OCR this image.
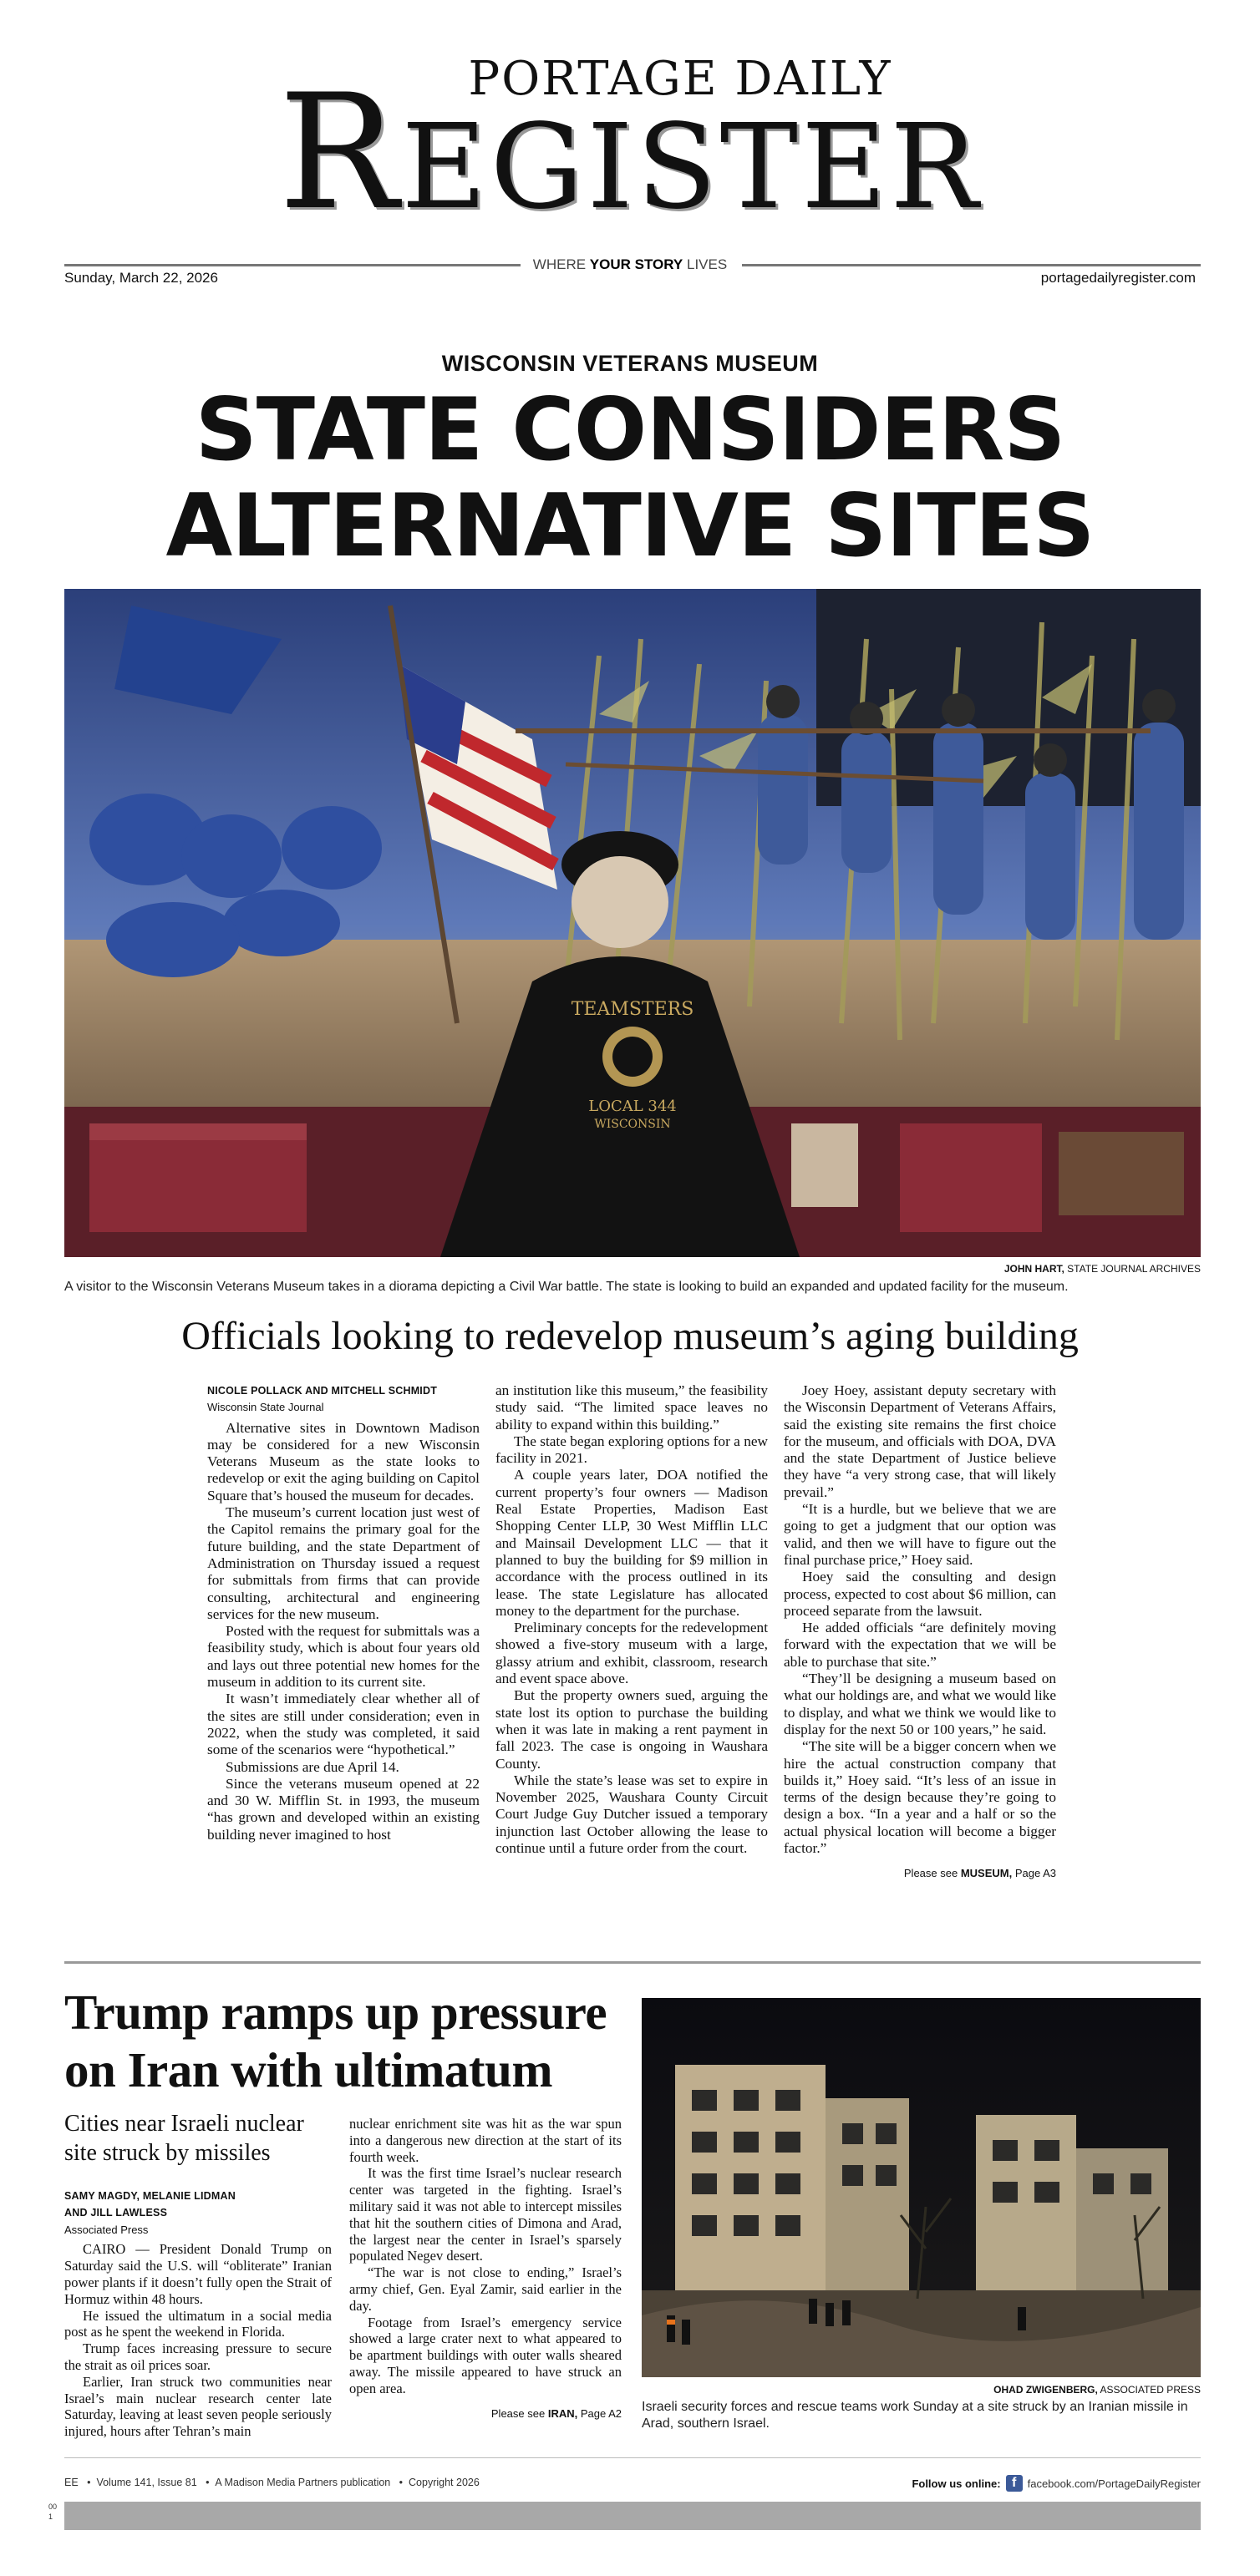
PORTAGE DAILY
REGISTER
WHERE YOUR STORY LIVES
Sunday, March 22, 2026	portagedailyregister.com
WISCONSIN VETERANS MUSEUM
STATE CONSIDERS
ALTERNATIVE SITES
TEAMSTERS
LOCAL 344
WISCONSIN
JOHN HART, STATE JOURNAL ARCHIVES
A visitor to the Wisconsin Veterans Museum takes in a diorama depicting a Civil War battle. The state is looking to build an expanded and updated facility for the museum.
Officials looking to redevelop museum’s aging building
NICOLE POLLACK AND MITCHELL SCHMIDT
Wisconsin State Journal

Alternative sites in Downtown Madison may be considered for a new Wisconsin Veterans Museum as the state looks to redevelop or exit the aging building on Capitol Square that’s housed the museum for decades.

The museum’s current location just west of the Capitol remains the primary goal for the future building, and the state Department of Administration on Thursday issued a request for submittals from firms that can provide consulting, architectural and engineering services for the new museum.

Posted with the request for submittals was a feasibility study, which is about four years old and lays out three potential new homes for the museum in addition to its current site.

It wasn’t immediately clear whether all of the sites are still under consideration; even in 2022, when the study was completed, it said some of the scenarios were “hypothetical.”

Submissions are due April 14.

Since the veterans museum opened at 22 and 30 W. Mifflin St. in 1993, the museum “has grown and developed within an existing building never imagined to host

an institution like this museum,” the feasibility study said. “The limited space leaves no ability to expand within this building.”

The state began exploring options for a new facility in 2021.

A couple years later, DOA notified the current property’s four owners — Madison Real Estate Properties, Madison East Shopping Center LLP, 30 West Mifflin LLC and Mainsail Development LLC — that it planned to buy the building for $9 million in accordance with the process outlined in its lease. The state Legislature has allocated money to the department for the purchase.

Preliminary concepts for the redevelopment showed a five-story museum with a large, glassy atrium and exhibit, classroom, research and event space above.

But the property owners sued, arguing the state lost its option to purchase the building when it was late in making a rent payment in fall 2023. The case is ongoing in Waushara County.

While the state’s lease was set to expire in November 2025, Waushara County Circuit Court Judge Guy Dutcher issued a temporary injunction last October allowing the lease to continue until a future order from the court.

Joey Hoey, assistant deputy secretary with the Wisconsin Department of Veterans Affairs, said the existing site remains the first choice for the museum, and officials with DOA, DVA and the state Department of Justice believe they have “a very strong case, that will likely prevail.”

“It is a hurdle, but we believe that we are going to get a judgment that our option was valid, and then we will have to figure out the final purchase price,” Hoey said.

Hoey said the consulting and design process, expected to cost about $6 million, can proceed separate from the lawsuit.

He added officials “are definitely moving forward with the expectation that we will be able to purchase that site.”

“They’ll be designing a museum based on what our holdings are, and what we would like to display, and what we think we would like to display for the next 50 or 100 years,” he said.

“The site will be a bigger concern when we hire the actual construction company that builds it,” Hoey said. “It’s less of an issue in terms of the design because they’re going to design a box. “In a year and a half or so the actual physical location will become a bigger factor.”

Please see MUSEUM, Page A3
Trump ramps up pressure
on Iran with ultimatum
Cities near Israeli nuclear site struck by missiles
SAMY MAGDY, MELANIE LIDMAN
AND JILL LAWLESS
Associated Press

CAIRO — President Donald Trump on Saturday said the U.S. will “obliterate” Iranian power plants if it doesn’t fully open the Strait of Hormuz within 48 hours.

He issued the ultimatum in a social media post as he spent the weekend in Florida.

Trump faces increasing pressure to secure the strait as oil prices soar.

Earlier, Iran struck two communities near Israel’s main nuclear research center late Saturday, leaving at least seven people seriously injured, hours after Tehran’s main

nuclear enrichment site was hit as the war spun into a dangerous new direction at the start of its fourth week.

It was the first time Israel’s nuclear research center was targeted in the fighting. Israel’s military said it was not able to intercept missiles that hit the southern cities of Dimona and Arad, the largest near the center in Israel’s sparsely populated Negev desert.

“The war is not close to ending,” Israel’s army chief, Gen. Eyal Zamir, said earlier in the day.

Footage from Israel’s emergency service showed a large crater next to what appeared to be apartment buildings with outer walls sheared away. The missile appeared to have struck an open area.

Please see IRAN, Page A2
OHAD ZWIGENBERG, ASSOCIATED PRESS
Israeli security forces and rescue teams work Sunday at a site struck by an Iranian missile in Arad, southern Israel.
EE   •  Volume 141, Issue 81   •  A Madison Media Partners publication   •  Copyright 2026	Follow us online: f	facebook.com/PortageDailyRegister
00
1
